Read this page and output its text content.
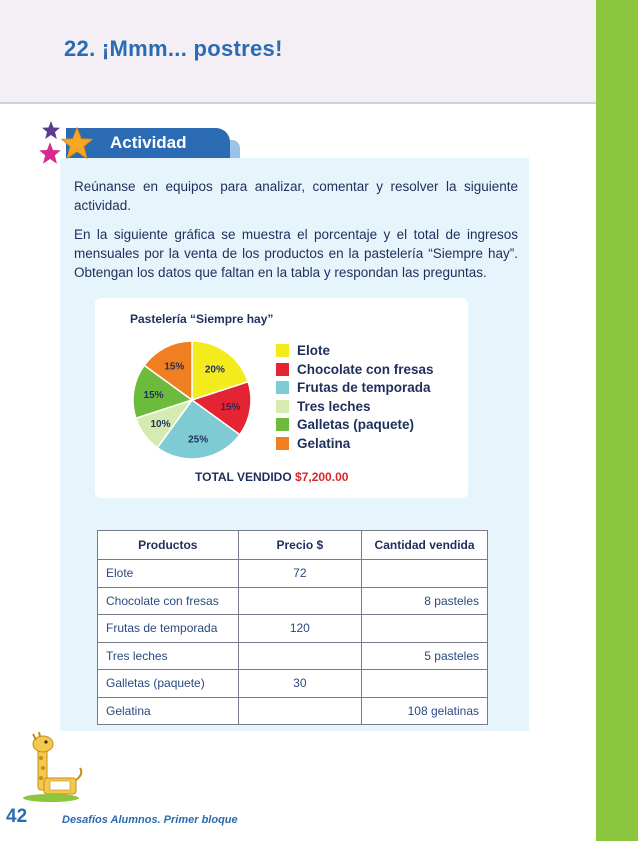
22. ¡Mmm... postres!
Actividad
Reúnanse en equipos para analizar, comentar y resolver la siguiente actividad.
En la siguiente gráfica se muestra el porcentaje y el total de ingresos mensuales por la venta de los productos en la pastelería “Siempre hay”. Obtengan los datos que faltan en la tabla y respondan las preguntas.
Pastelería “Siempre hay”
20%
15%
25%
10%
15%
15%
Elote
Chocolate con fresas
Frutas de temporada
Tres leches
Galletas (paquete)
Gelatina
TOTAL VENDIDO $7,200.00
Productos	Precio $	Cantidad vendida
Elote	72	
Chocolate con fresas		8 pasteles
Frutas de temporada	120	
Tres leches		5 pasteles
Galletas (paquete)	30	
Gelatina		108 gelatinas
42	Desafíos Alumnos. Primer bloque
